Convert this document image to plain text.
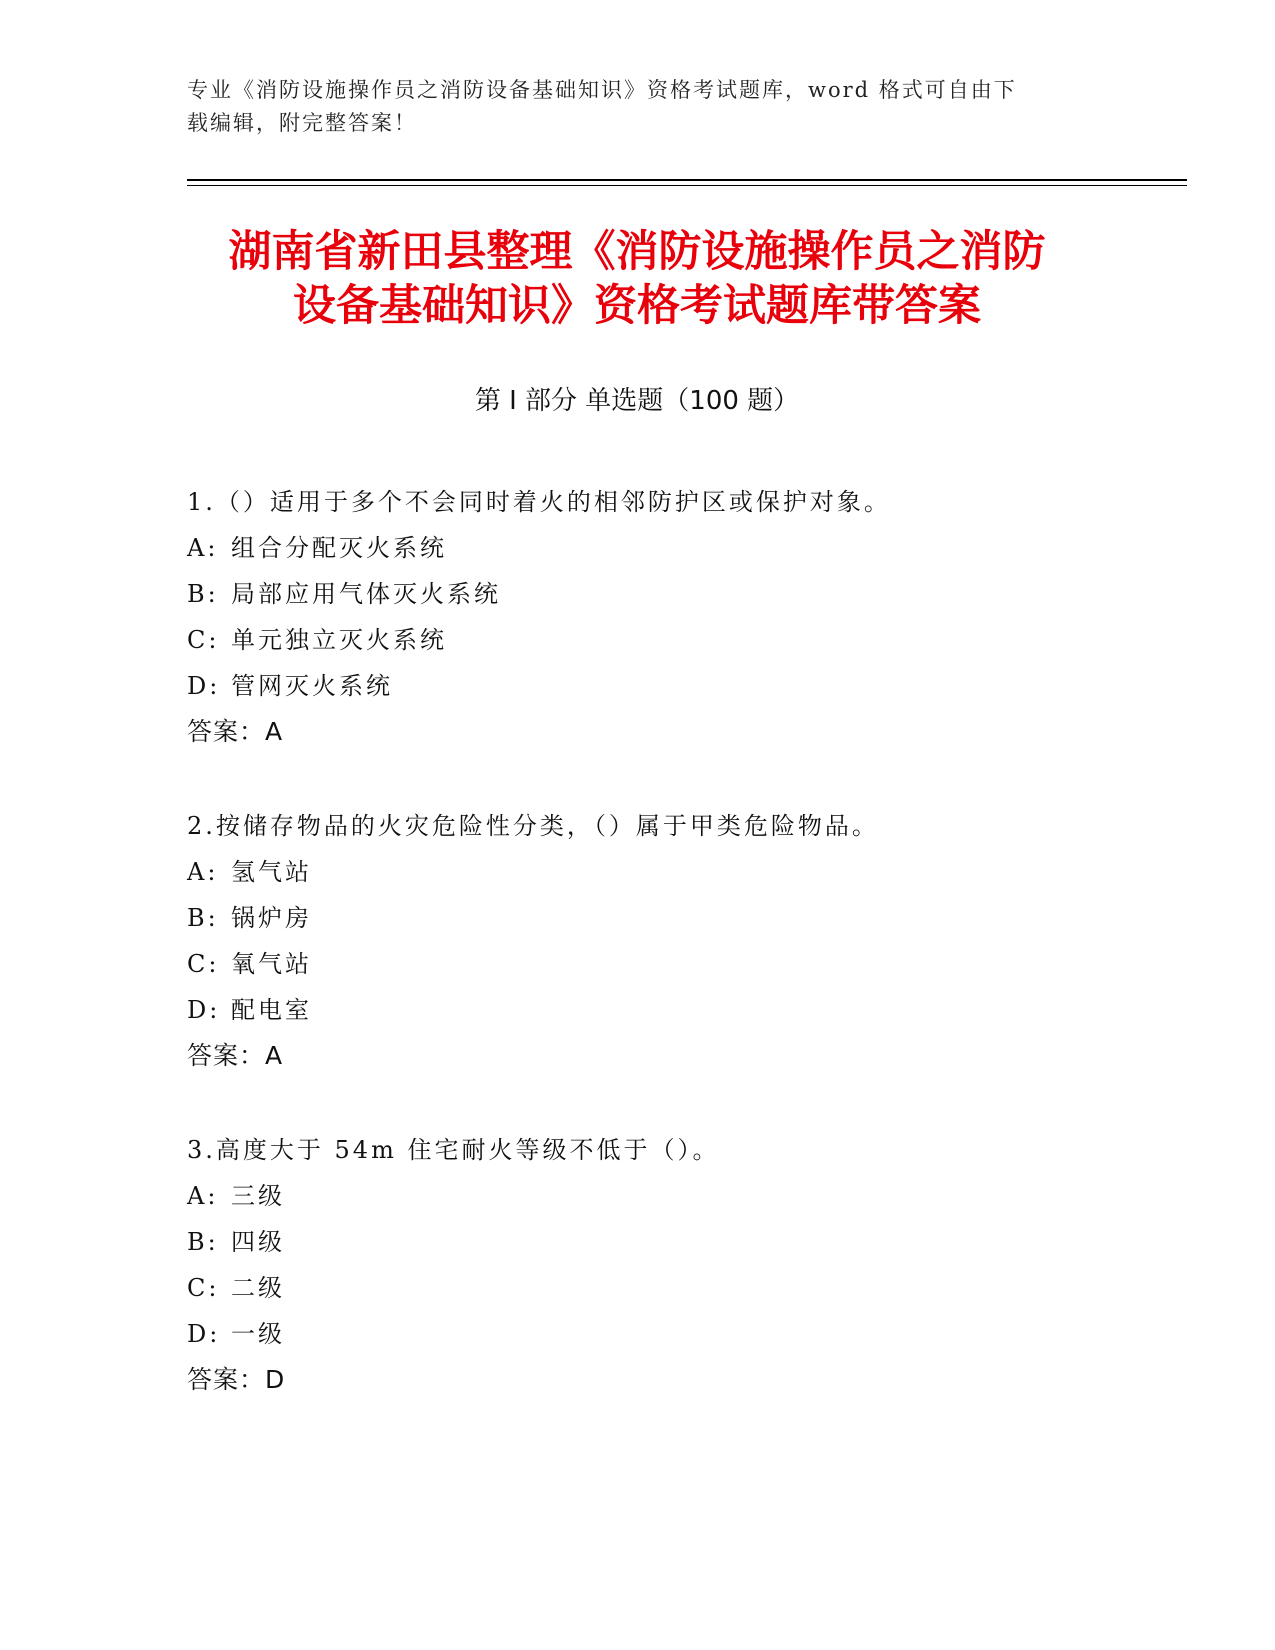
专业《消防设施操作员之消防设备基础知识》资格考试题库，word 格式可自由下
载编辑，附完整答案！
湖南省新田县整理《消防设施操作员之消防
设备基础知识》资格考试题库带答案
第 I 部分 单选题（100 题）
1.（）适用于多个不会同时着火的相邻防护区或保护对象。
A: 组合分配灭火系统
B: 局部应用气体灭火系统
C: 单元独立灭火系统
D: 管网灭火系统
答案：A
2.按储存物品的火灾危险性分类，（）属于甲类危险物品。
A: 氢气站
B: 锅炉房
C: 氧气站
D: 配电室
答案：A
3.高度大于 54m 住宅耐火等级不低于（）。
A: 三级
B: 四级
C: 二级
D: 一级
答案：D
